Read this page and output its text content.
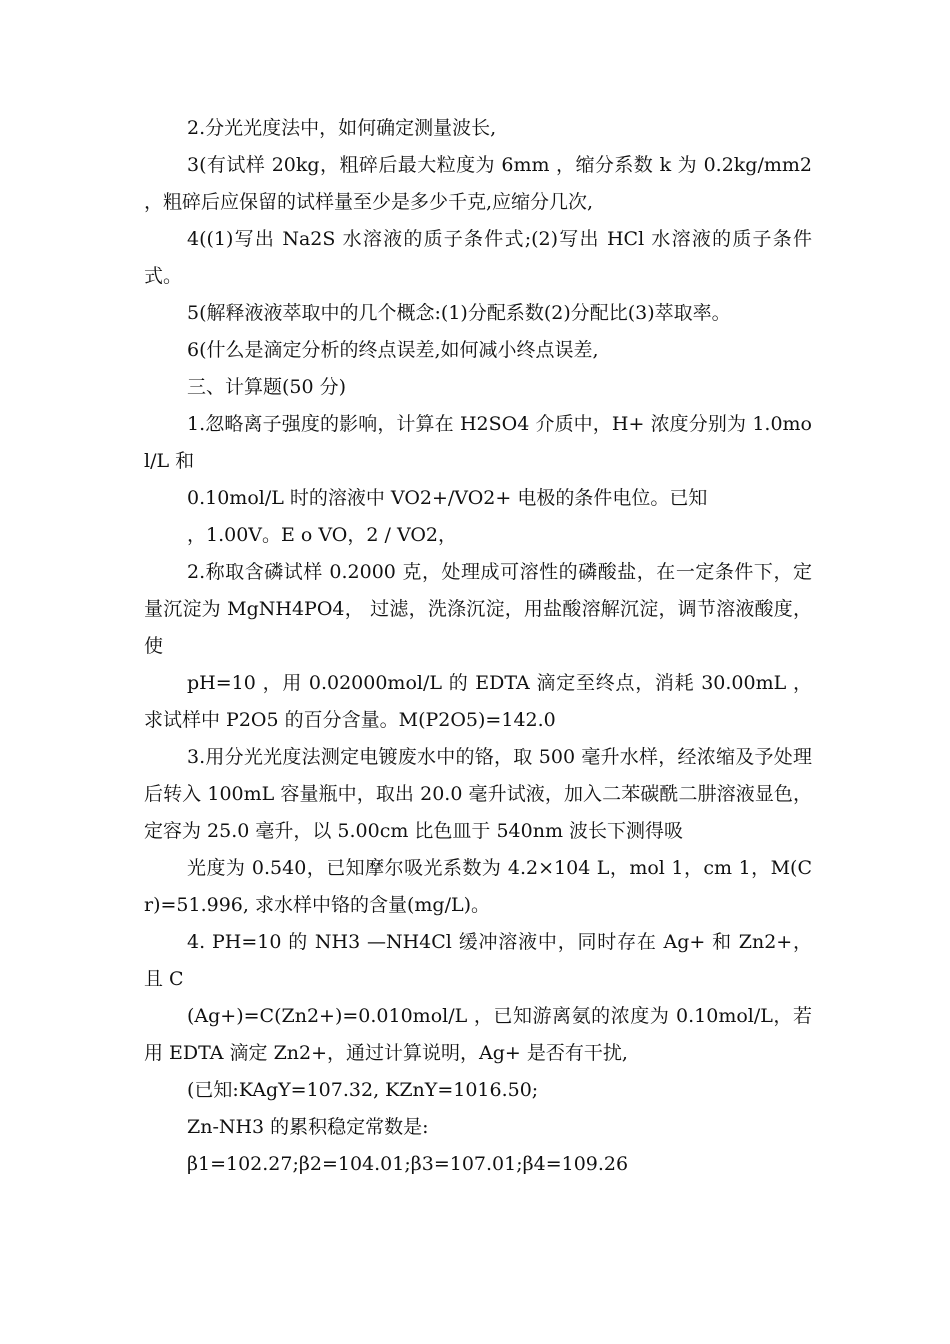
2.分光光度法中，如何确定测量波长,

3(有试样 20kg，粗碎后最大粒度为 6mm ，缩分系数 k 为 0.2kg/mm2 ，粗碎后应保留的试样量至少是多少千克,应缩分几次,

4((1)写出 Na2S 水溶液的质子条件式;(2)写出 HCl 水溶液的质子条件式。

5(解释液液萃取中的几个概念:(1)分配系数(2)分配比(3)萃取率。

6(什么是滴定分析的终点误差,如何减小终点误差,

三、计算题(50 分)

1.忽略离子强度的影响，计算在 H2SO4 介质中，H+ 浓度分别为 1.0mol/L 和

0.10mol/L 时的溶液中 VO2+/VO2+ 电极的条件电位。已知

，1.00V。E o VO，2 / VO2，

2.称取含磷试样 0.2000 克，处理成可溶性的磷酸盐，在一定条件下，定量沉淀为 MgNH4PO4， 过滤，洗涤沉淀，用盐酸溶解沉淀，调节溶液酸度，使

pH=10 ，用 0.02000mol/L 的 EDTA 滴定至终点，消耗 30.00mL ，求试样中 P2O5 的百分含量。M(P2O5)=142.0

3.用分光光度法测定电镀废水中的铬，取 500 毫升水样，经浓缩及予处理后转入 100mL 容量瓶中，取出 20.0 毫升试液，加入二苯碳酰二肼溶液显色，定容为 25.0 毫升，以 5.00cm 比色皿于 540nm 波长下测得吸

光度为 0.540，已知摩尔吸光系数为 4.2×104 L，mol 1，cm 1，M(Cr)=51.996, 求水样中铬的含量(mg/L)。

4. PH=10 的 NH3 —NH4Cl 缓冲溶液中，同时存在 Ag+ 和 Zn2+，且 C

(Ag+)=C(Zn2+)=0.010mol/L ，已知游离氨的浓度为 0.10mol/L，若用 EDTA 滴定 Zn2+，通过计算说明，Ag+ 是否有干扰,

(已知:KAgY=107.32, KZnY=1016.50;

Zn-NH3 的累积稳定常数是:

β1=102.27;β2=104.01;β3=107.01;β4=109.26
